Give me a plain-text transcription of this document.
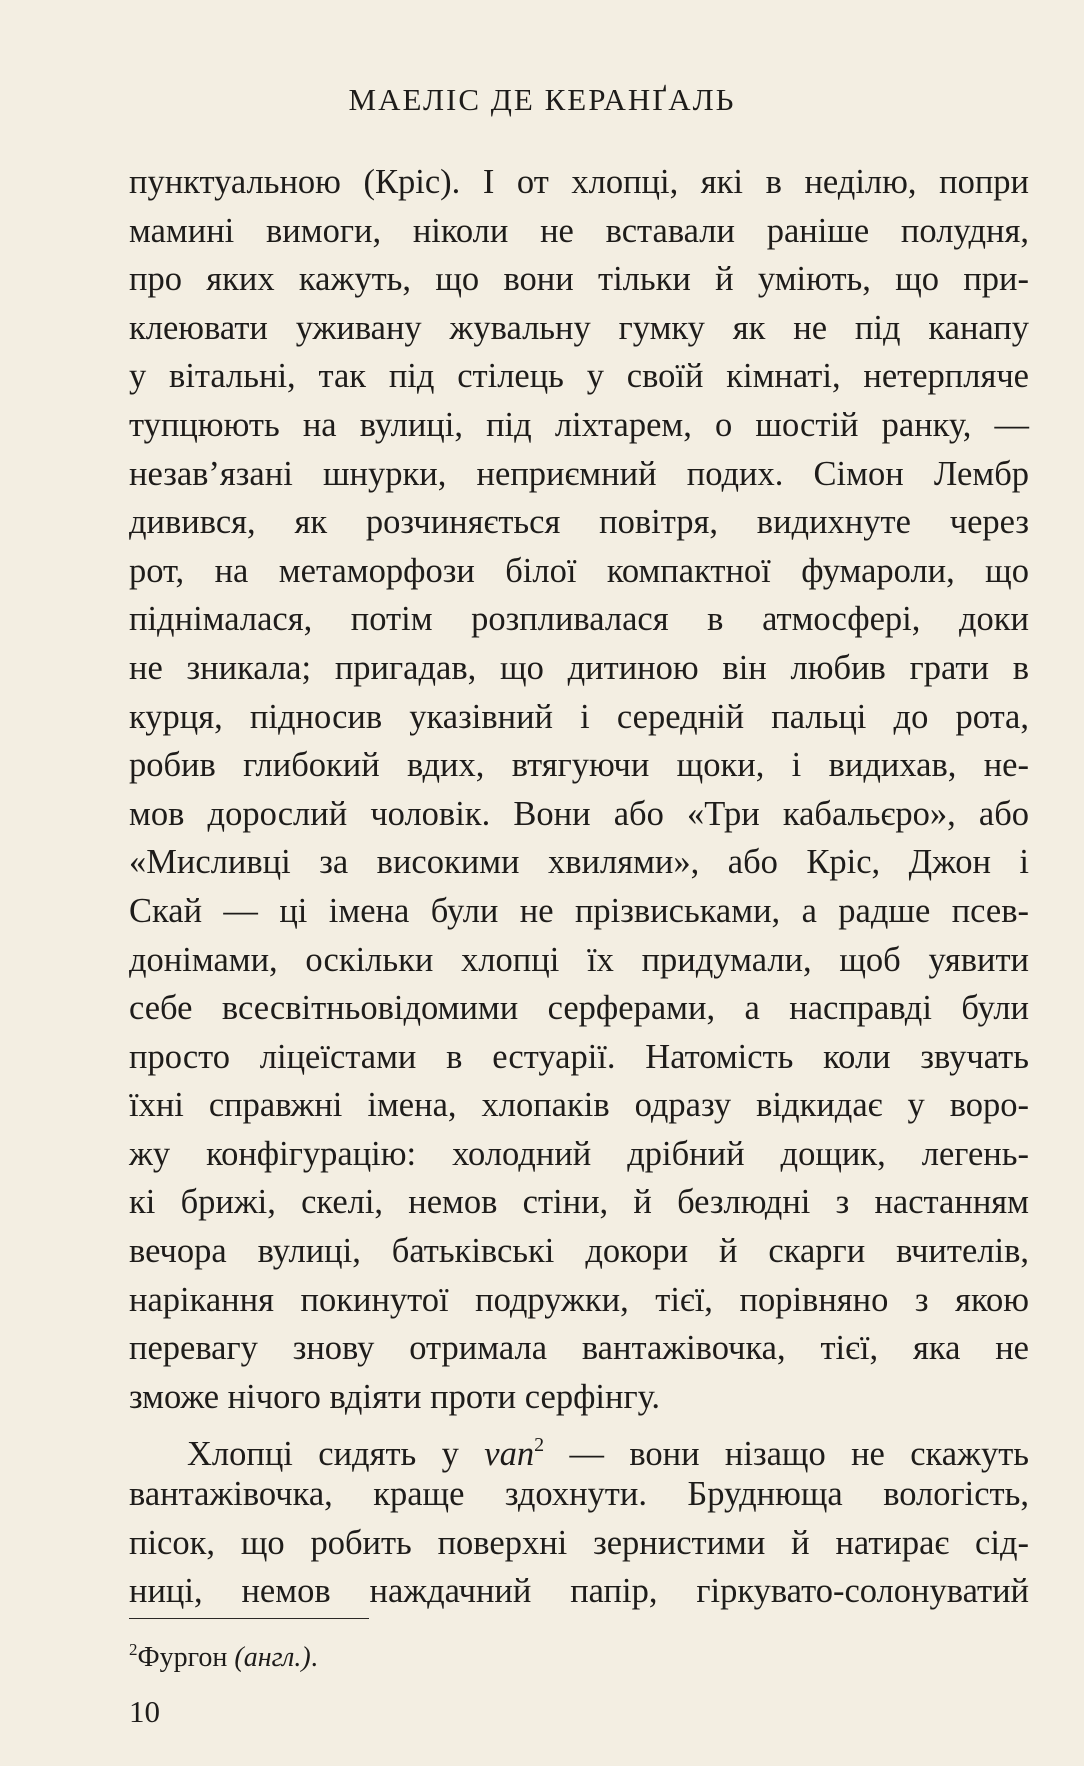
МАЕЛІС ДЕ КЕРАНҐАЛЬ
пунктуальною (Кріс). І от хлопці, які в неділю, попри
мамині вимоги, ніколи не вставали раніше полудня,
про яких кажуть, що вони тільки й уміють, що при-
клеювати уживану жувальну гумку як не під канапу
у вітальні, так під стілець у своїй кімнаті, нетерпляче
тупцюють на вулиці, під ліхтарем, о шостій ранку, —
незав’язані шнурки, неприємний подих. Сімон Лембр
дивився, як розчиняється повітря, видихнуте через
рот, на метаморфози білої компактної фумароли, що
піднімалася, потім розпливалася в атмосфері, доки
не зникала; пригадав, що дитиною він любив грати в
курця, підносив указівний і середній пальці до рота,
робив глибокий вдих, втягуючи щоки, і видихав, не-
мов дорослий чоловік. Вони або «Три кабальєро», або
«Мисливці за високими хвилями», або Кріс, Джон і
Скай — ці імена були не прізвиськами, а радше псев-
донімами, оскільки хлопці їх придумали, щоб уявити
себе всесвітньовідомими серферами, а насправді були
просто ліцеїстами в естуарії. Натомість коли звучать
їхні справжні імена, хлопаків одразу відкидає у воро-
жу конфігурацію: холодний дрібний дощик, легень-
кі брижі, скелі, немов стіни, й безлюдні з настанням
вечора вулиці, батьківські докори й скарги вчителів,
нарікання покинутої подружки, тієї, порівняно з якою
перевагу знову отримала вантажівочка, тієї, яка не
зможе нічого вдіяти проти серфінгу.
Хлопці сидять у van$^2$ — вони нізащо не скажуть
вантажівочка, краще здохнути. Бруднюща вологість,
пісок, що робить поверхні зернистими й натирає сід-
ниці, немов наждачний папір, гіркувато-солонуватий
$^2$Фургон (англ.).
10
